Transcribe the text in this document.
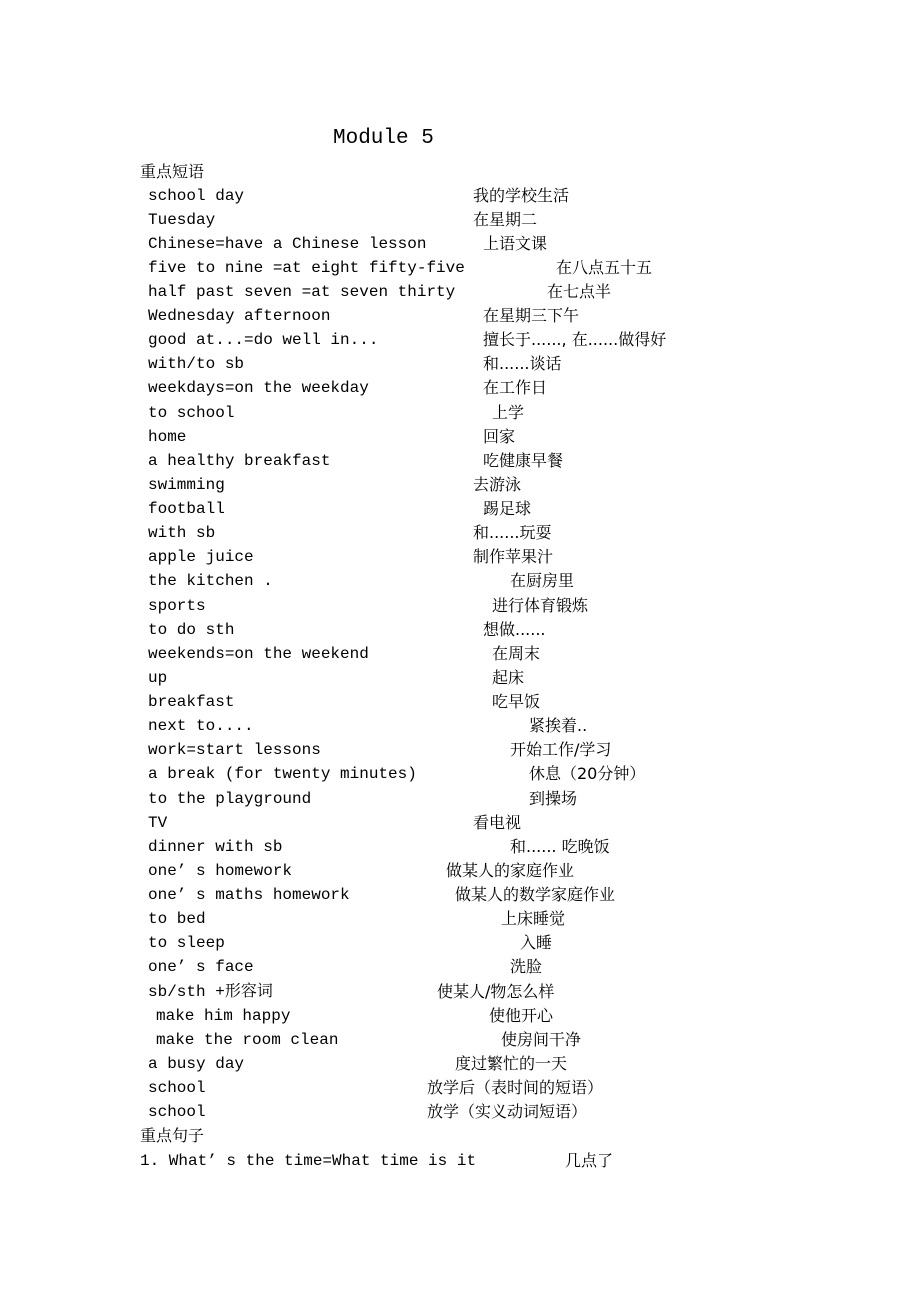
Module 5
重点短语
school day	我的学校生活
Tuesday	在星期二
Chinese=have a Chinese lesson	上语文课
five to nine =at eight fifty-five	在八点五十五
half past seven =at seven thirty	在七点半
Wednesday afternoon	在星期三下午
good at...=do well in...	擅长于......, 在......做得好
with/to sb	和......谈话
weekdays=on the weekday	在工作日
to school	上学
home	回家
a healthy breakfast	吃健康早餐
swimming	去游泳
football	踢足球
with sb	和......玩耍
apple juice	制作苹果汁
the kitchen .	在厨房里
sports	进行体育锻炼
to do sth	想做......
weekends=on the weekend	在周末
up	起床
breakfast	吃早饭
next to....	紧挨着..
work=start lessons	开始工作/学习
a break (for twenty minutes)	休息（20分钟）
to the playground	到操场
TV	看电视
dinner with sb	和...... 吃晚饭
one’ s homework	做某人的家庭作业
one’ s maths homework	做某人的数学家庭作业
to bed	上床睡觉
to sleep	入睡
one’ s face	洗脸
sb/sth +形容词	使某人/物怎么样
make him happy	使他开心
make the room clean	使房间干净
a busy day	度过繁忙的一天
school	放学后（表时间的短语）
school	放学（实义动词短语）
重点句子
1. What’ s the time=What time is it	几点了
